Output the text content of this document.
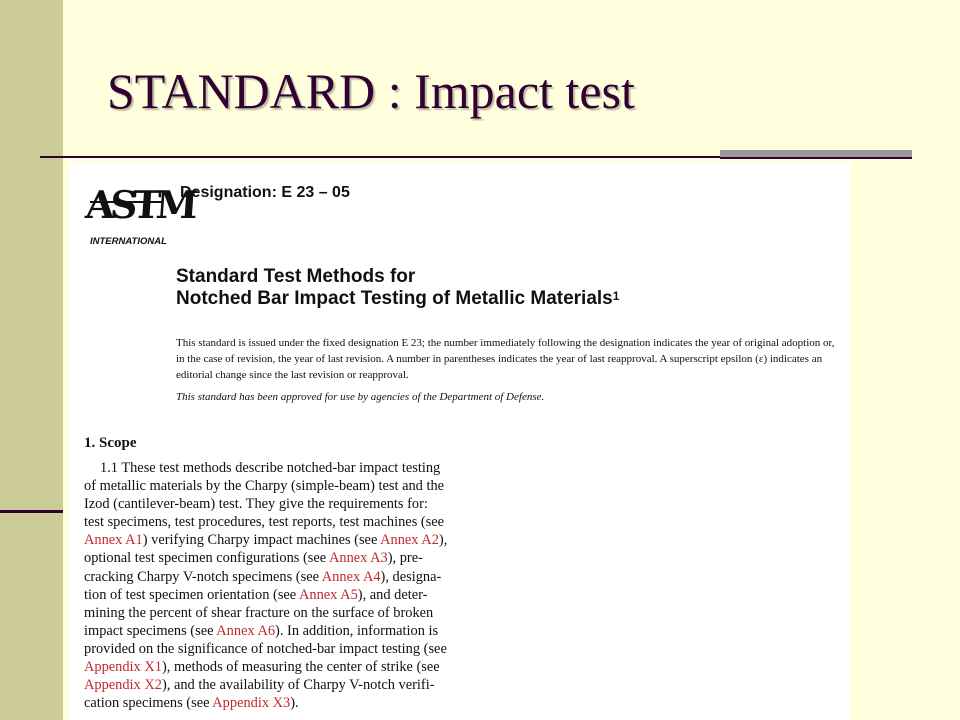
STANDARD : Impact test
ASTM
INTERNATIONAL
Designation: E 23 – 05
Standard Test Methods for
Notched Bar Impact Testing of Metallic Materials$^1$
This standard is issued under the fixed designation E 23; the number immediately following the designation indicates the year of original adoption or, in the case of revision, the year of last revision. A number in parentheses indicates the year of last reapproval. A superscript epsilon (ε) indicates an editorial change since the last revision or reapproval.
This standard has been approved for use by agencies of the Department of Defense.
1. Scope
1.1 These test methods describe notched-bar impact testing
of metallic materials by the Charpy (simple-beam) test and the
Izod (cantilever-beam) test. They give the requirements for:
test specimens, test procedures, test reports, test machines (see
Annex A1) verifying Charpy impact machines (see Annex A2),
optional test specimen configurations (see Annex A3), pre-
cracking Charpy V-notch specimens (see Annex A4), designa-
tion of test specimen orientation (see Annex A5), and deter-
mining the percent of shear fracture on the surface of broken
impact specimens (see Annex A6). In addition, information is
provided on the significance of notched-bar impact testing (see
Appendix X1), methods of measuring the center of strike (see
Appendix X2), and the availability of Charpy V-notch verifi-
cation specimens (see Appendix X3).
